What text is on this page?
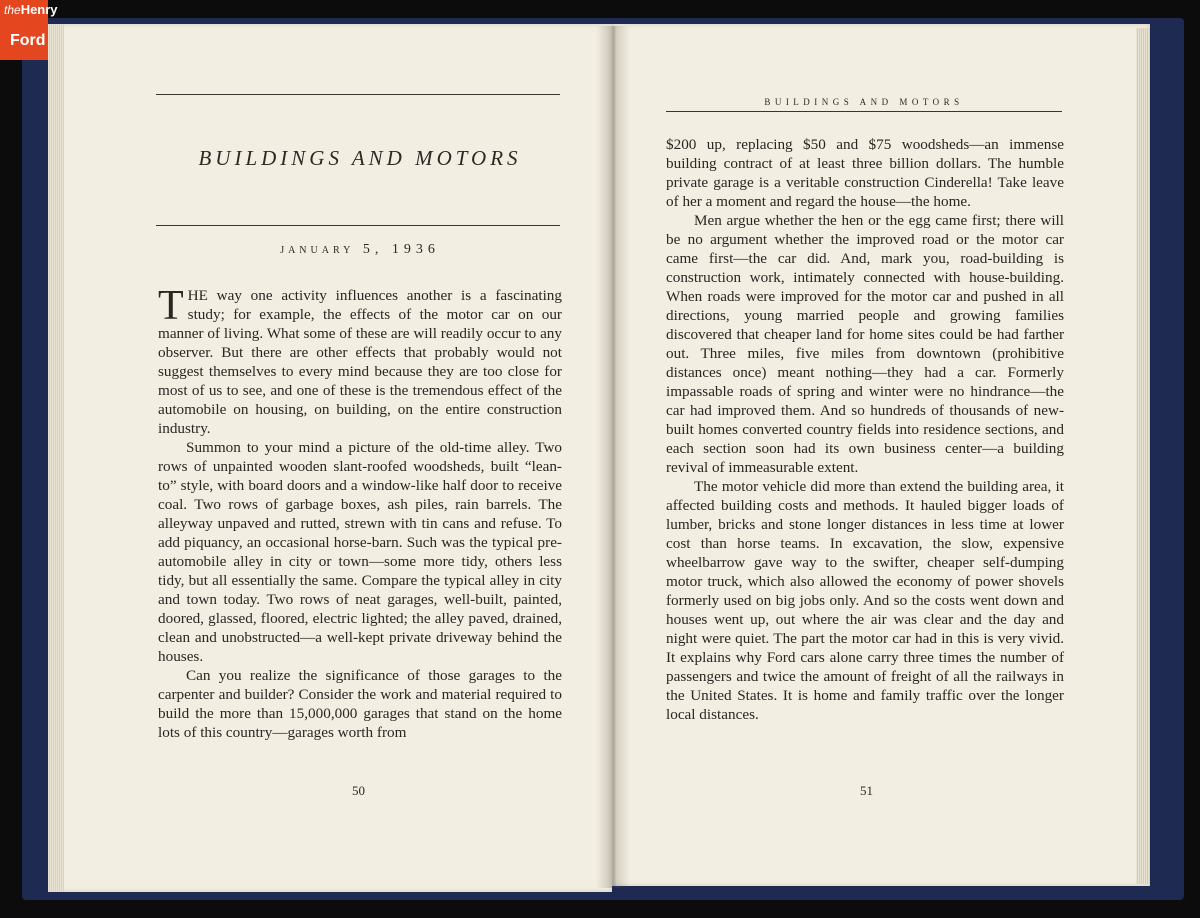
theHenry
Ford
BUILDINGS AND MOTORS
JANUARY 5, 1936

THE way one activity influences another is a fascinating study; for example, the effects of the motor car on our manner of living. What some of these are will readily occur to any observer. But there are other effects that probably would not suggest themselves to every mind because they are too close for most of us to see, and one of these is the tremendous effect of the automobile on housing, on building, on the entire construction industry.

Summon to your mind a picture of the old-time alley. Two rows of unpainted wooden slant-roofed woodsheds, built “lean-to” style, with board doors and a window-like half door to receive coal. Two rows of garbage boxes, ash piles, rain barrels. The alleyway unpaved and rutted, strewn with tin cans and refuse. To add piquancy, an occasional horse-barn. Such was the typical pre-automobile alley in city or town—some more tidy, others less tidy, but all essentially the same. Compare the typical alley in city and town today. Two rows of neat garages, well-built, painted, doored, glassed, floored, electric lighted; the alley paved, drained, clean and unobstructed—a well-kept private driveway behind the houses.

Can you realize the significance of those garages to the carpenter and builder? Consider the work and material required to build the more than 15,000,000 garages that stand on the home lots of this country—garages worth from

50
BUILDINGS AND MOTORS

$200 up, replacing $50 and $75 woodsheds—an immense building contract of at least three billion dollars. The humble private garage is a veritable construction Cinderella! Take leave of her a moment and regard the house—the home.

Men argue whether the hen or the egg came first; there will be no argument whether the improved road or the motor car came first—the car did. And, mark you, road-building is construction work, intimately connected with house-building. When roads were improved for the motor car and pushed in all directions, young married people and growing families discovered that cheaper land for home sites could be had farther out. Three miles, five miles from downtown (prohibitive distances once) meant nothing—they had a car. Formerly impassable roads of spring and winter were no hindrance—the car had improved them. And so hundreds of thousands of new-built homes converted country fields into residence sections, and each section soon had its own business center—a building revival of immeasurable extent.

The motor vehicle did more than extend the building area, it affected building costs and methods. It hauled bigger loads of lumber, bricks and stone longer distances in less time at lower cost than horse teams. In excavation, the slow, expensive wheelbarrow gave way to the swifter, cheaper self-dumping motor truck, which also allowed the economy of power shovels formerly used on big jobs only. And so the costs went down and houses went up, out where the air was clear and the day and night were quiet. The part the motor car had in this is very vivid. It explains why Ford cars alone carry three times the number of passengers and twice the amount of freight of all the railways in the United States. It is home and family traffic over the longer local distances.

51
